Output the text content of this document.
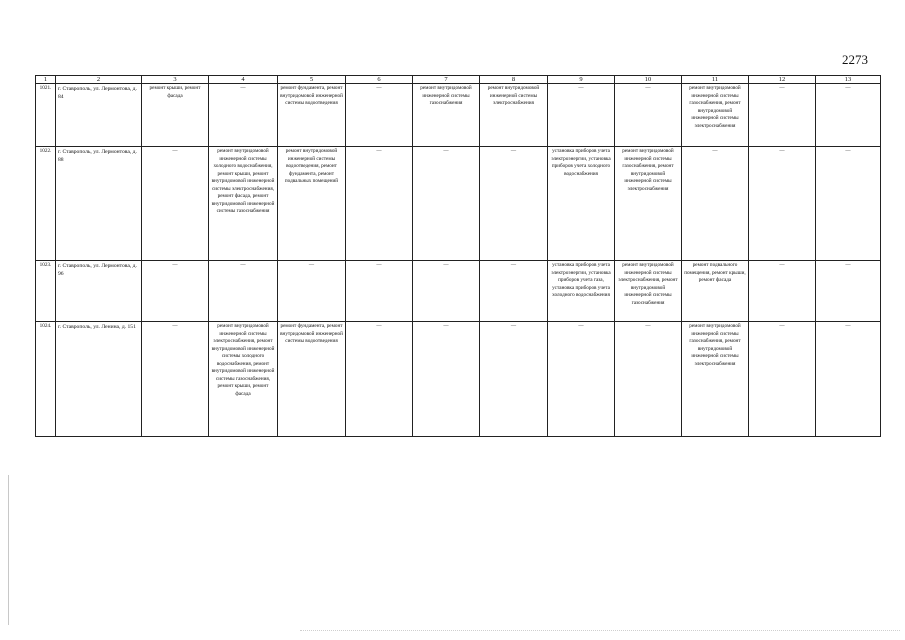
2273
1	2	3	4	5	6	7	8	9	10	11	12	13
1021.	г. Ставрополь, ул. Лермонтова, д. 84	ремонт крыши, ремонт фасада	—	ремонт фундамента, ремонт внутридомовой инженерной системы водоотведения	—	ремонт внутридомовой инженерной системы газоснабжения	ремонт внутридомовой инженерной системы электроснабжения	—	—	ремонт внутридомовой инженерной системы газоснабжения, ремонт внутридомовой инженерной системы электроснабжения	—	—
1022.	г. Ставрополь, ул. Лермонтова, д. 88	—	ремонт внутридомовой инженерной системы холодного водоснабжения, ремонт крыши, ремонт внутридомовой инженерной системы электроснабжения, ремонт фасада, ремонт внутридомовой инженерной системы газоснабжения	ремонт внутридомовой инженерной системы водоотведения, ремонт фундамента, ремонт подвальных помещений	—	—	—	установка приборов учета электроэнергии, установка приборов учета холодного водоснабжения	ремонт внутридомовой инженерной системы газоснабжения, ремонт внутридомовой инженерной системы электроснабжения	—	—	—
1023.	г. Ставрополь, ул. Лермонтова, д. 96	—	—	—	—	—	—	установка приборов учета электроэнергии, установка приборов учета газа, установка приборов учета холодного водоснабжения	ремонт внутридомовой инженерной системы электроснабжения, ремонт внутридомовой инженерной системы газоснабжения	ремонт подвального помещения, ремонт крыши, ремонт фасада	—	—
1024.	г. Ставрополь, ул. Ленина, д. 151	—	ремонт внутридомовой инженерной системы электроснабжения, ремонт внутридомовой инженерной системы холодного водоснабжения, ремонт внутридомовой инженерной системы газоснабжения, ремонт крыши, ремонт фасада	ремонт фундамента, ремонт внутридомовой инженерной системы водоотведения	—	—	—	—	—	ремонт внутридомовой инженерной системы газоснабжения, ремонт внутридомовой инженерной системы электроснабжения	—	—
